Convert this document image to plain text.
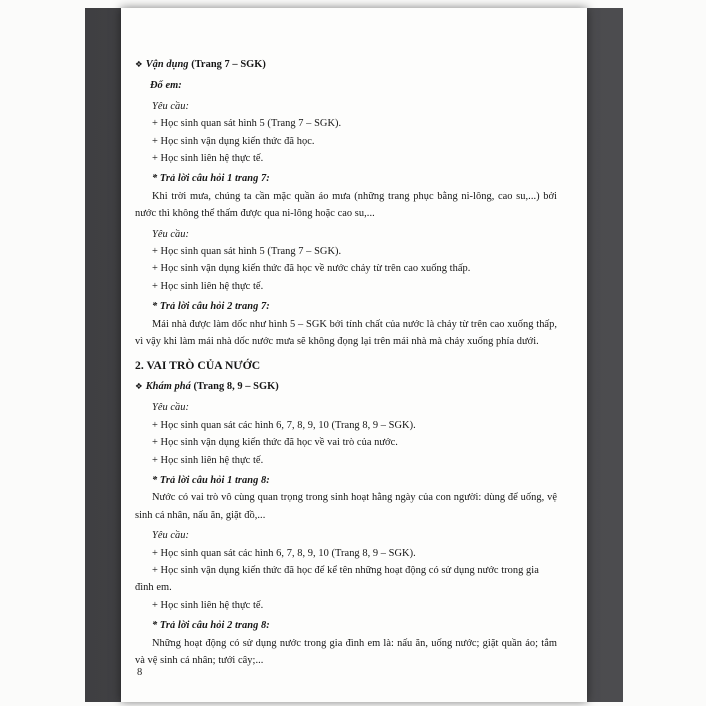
❖ Vận dụng (Trang 7 – SGK)
Đố em:
Yêu cầu:
+ Học sinh quan sát hình 5 (Trang 7 – SGK).
+ Học sinh vận dụng kiến thức đã học.
+ Học sinh liên hệ thực tế.
* Trả lời câu hỏi 1 trang 7:
Khi trời mưa, chúng ta cần mặc quần áo mưa (những trang phục bằng ni-lông, cao su,...) bởi nước thì không thể thấm được qua ni-lông hoặc cao su,...
Yêu cầu:
+ Học sinh quan sát hình 5 (Trang 7 – SGK).
+ Học sinh vận dụng kiến thức đã học về nước chảy từ trên cao xuống thấp.
+ Học sinh liên hệ thực tế.
* Trả lời câu hỏi 2 trang 7:
Mái nhà được làm dốc như hình 5 – SGK bởi tính chất của nước là chảy từ trên cao xuống thấp, vì vậy khi làm mái nhà dốc nước mưa sẽ không đọng lại trên mái nhà mà chảy xuống phía dưới.
2. VAI TRÒ CỦA NƯỚC
❖ Khám phá (Trang 8, 9 – SGK)
Yêu cầu:
+ Học sinh quan sát các hình 6, 7, 8, 9, 10 (Trang 8, 9 – SGK).
+ Học sinh vận dụng kiến thức đã học về vai trò của nước.
+ Học sinh liên hệ thực tế.
* Trả lời câu hỏi 1 trang 8:
Nước có vai trò vô cùng quan trọng trong sinh hoạt hằng ngày của con người: dùng để uống, vệ sinh cá nhân, nấu ăn, giặt đồ,...
Yêu cầu:
+ Học sinh quan sát các hình 6, 7, 8, 9, 10 (Trang 8, 9 – SGK).
+ Học sinh vận dụng kiến thức đã học để kể tên những hoạt động có sử dụng nước trong gia đình em.
+ Học sinh liên hệ thực tế.
* Trả lời câu hỏi 2 trang 8:
Những hoạt động có sử dụng nước trong gia đình em là: nấu ăn, uống nước; giặt quần áo; tắm và vệ sinh cá nhân; tưới cây;...
8
